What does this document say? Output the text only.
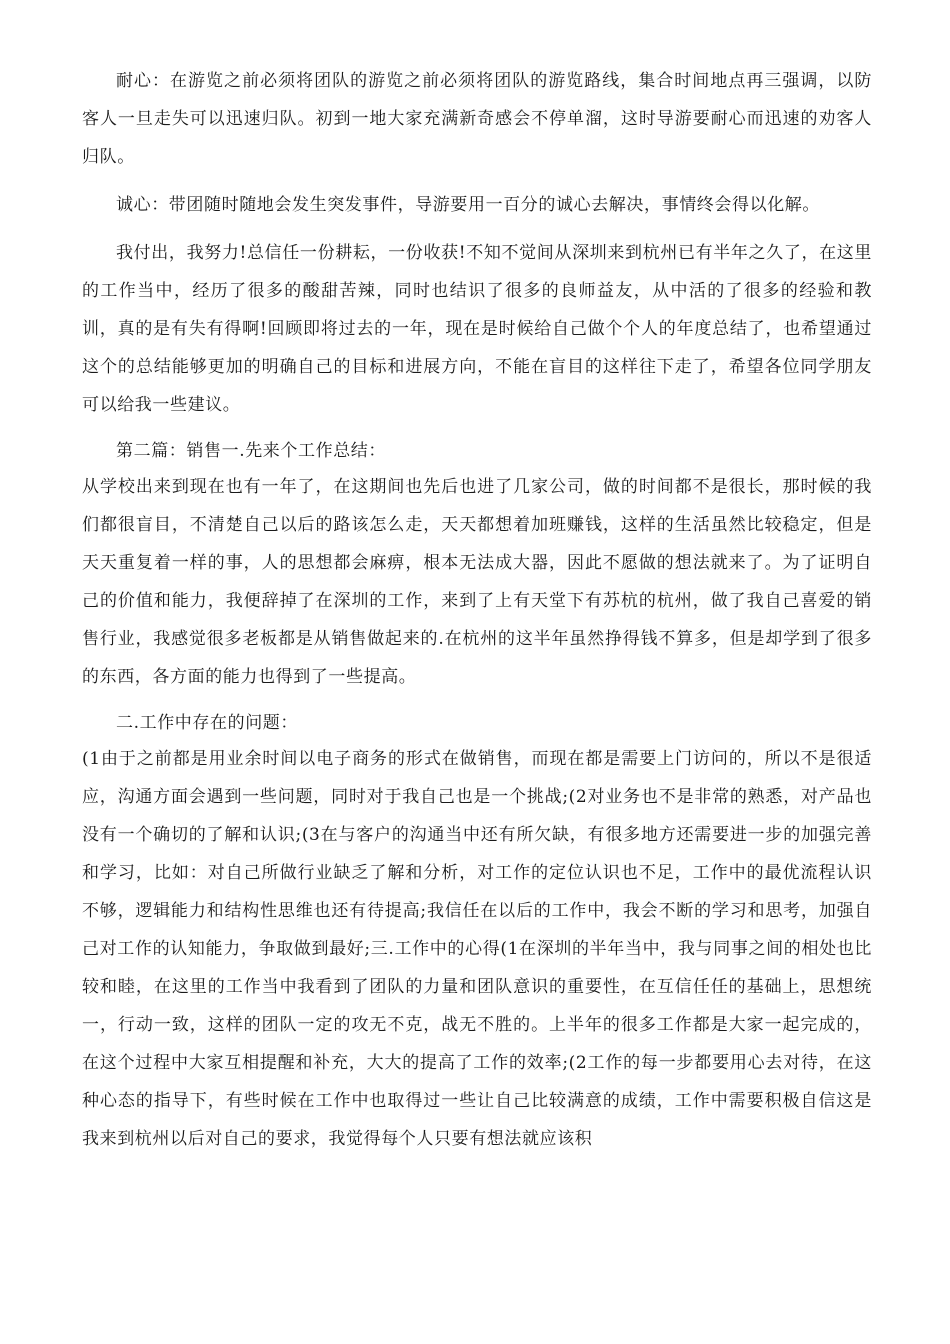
耐心：在游览之前必须将团队的游览之前必须将团队的游览路线，集合时间地点再三强调，以防客人一旦走失可以迅速归队。初到一地大家充满新奇感会不停单溜，这时导游要耐心而迅速的劝客人归队。

诚心：带团随时随地会发生突发事件，导游要用一百分的诚心去解决，事情终会得以化解。

我付出，我努力!总信任一份耕耘，一份收获!不知不觉间从深圳来到杭州已有半年之久了，在这里的工作当中，经历了很多的酸甜苦辣，同时也结识了很多的良师益友，从中活的了很多的经验和教训，真的是有失有得啊!回顾即将过去的一年，现在是时候给自己做个个人的年度总结了，也希望通过这个的总结能够更加的明确自己的目标和进展方向，不能在盲目的这样往下走了，希望各位同学朋友可以给我一些建议。

第二篇：销售一.先来个工作总结：

从学校出来到现在也有一年了，在这期间也先后也进了几家公司，做的时间都不是很长，那时候的我们都很盲目，不清楚自己以后的路该怎么走，天天都想着加班赚钱，这样的生活虽然比较稳定，但是天天重复着一样的事，人的思想都会麻痹，根本无法成大器，因此不愿做的想法就来了。为了证明自己的价值和能力，我便辞掉了在深圳的工作，来到了上有天堂下有苏杭的杭州，做了我自己喜爱的销售行业，我感觉很多老板都是从销售做起来的.在杭州的这半年虽然挣得钱不算多，但是却学到了很多的东西，各方面的能力也得到了一些提高。

二.工作中存在的问题：

(1由于之前都是用业余时间以电子商务的形式在做销售，而现在都是需要上门访问的，所以不是很适应，沟通方面会遇到一些问题，同时对于我自己也是一个挑战;(2对业务也不是非常的熟悉，对产品也没有一个确切的了解和认识;(3在与客户的沟通当中还有所欠缺，有很多地方还需要进一步的加强完善和学习，比如：对自己所做行业缺乏了解和分析，对工作的定位认识也不足，工作中的最优流程认识不够，逻辑能力和结构性思维也还有待提高;我信任在以后的工作中，我会不断的学习和思考，加强自己对工作的认知能力，争取做到最好;三.工作中的心得(1在深圳的半年当中，我与同事之间的相处也比较和睦，在这里的工作当中我看到了团队的力量和团队意识的重要性，在互信任任的基础上，思想统一，行动一致，这样的团队一定的攻无不克，战无不胜的。上半年的很多工作都是大家一起完成的，在这个过程中大家互相提醒和补充，大大的提高了工作的效率;(2工作的每一步都要用心去对待，在这种心态的指导下，有些时候在工作中也取得过一些让自己比较满意的成绩，工作中需要积极自信这是我来到杭州以后对自己的要求，我觉得每个人只要有想法就应该积
